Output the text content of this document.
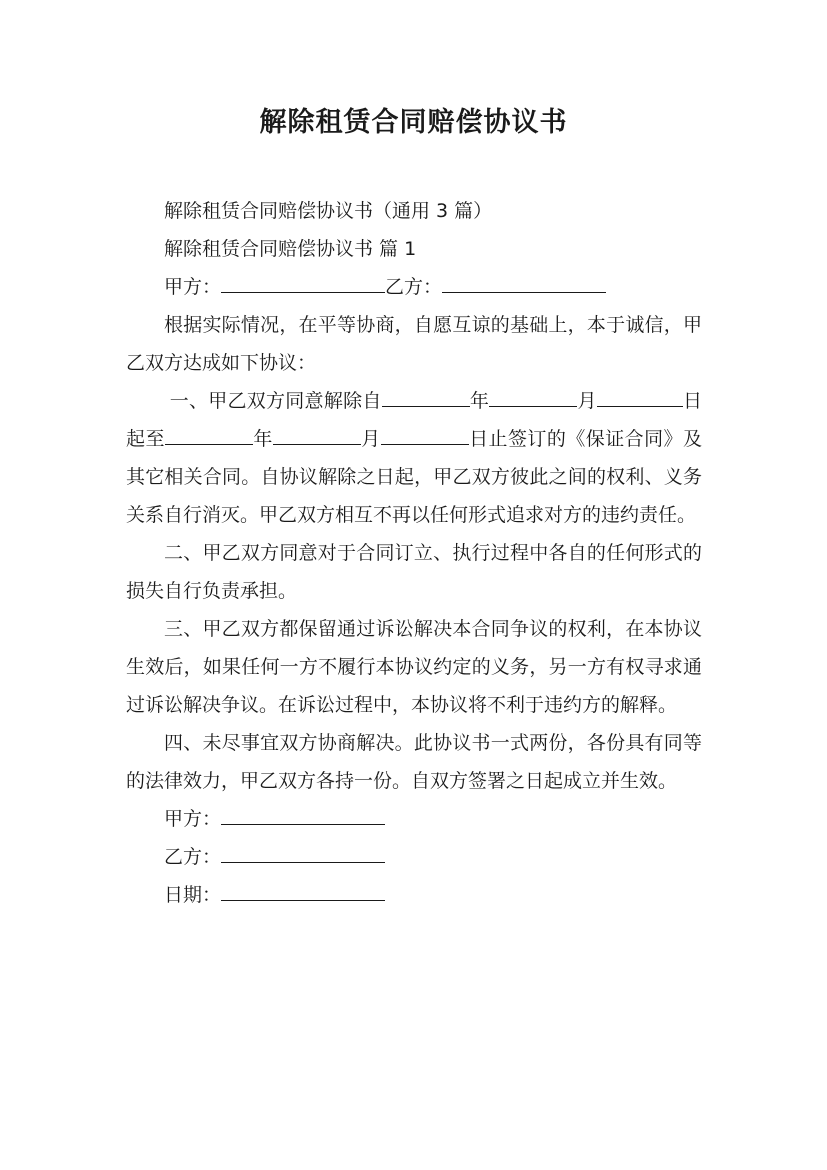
解除租赁合同赔偿协议书

解除租赁合同赔偿协议书（通用 3 篇）

解除租赁合同赔偿协议书 篇 1

甲方：	乙方：

根据实际情况，在平等协商，自愿互谅的基础上，本于诚信，甲乙双方达成如下协议：

一、甲乙双方同意解除自	年	月	日起至	年	月	日止签订的《保证合同》及其它相关合同。自协议解除之日起，甲乙双方彼此之间的权利、义务关系自行消灭。甲乙双方相互不再以任何形式追求对方的违约责任。

二、甲乙双方同意对于合同订立、执行过程中各自的任何形式的损失自行负责承担。

三、甲乙双方都保留通过诉讼解决本合同争议的权利，在本协议生效后，如果任何一方不履行本协议约定的义务，另一方有权寻求通过诉讼解决争议。在诉讼过程中，本协议将不利于违约方的解释。

四、未尽事宜双方协商解决。此协议书一式两份，各份具有同等的法律效力，甲乙双方各持一份。自双方签署之日起成立并生效。

甲方：

乙方：

日期：
